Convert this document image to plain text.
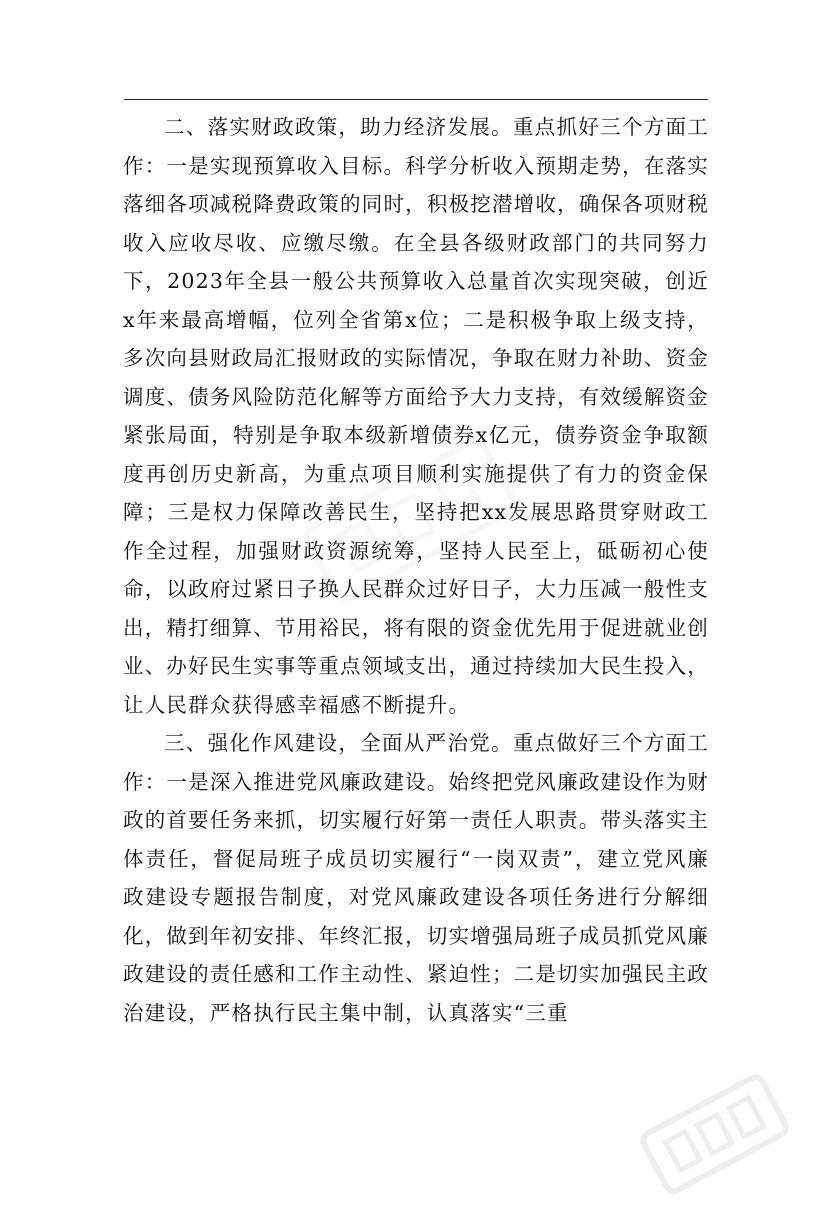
二、落实财政政策，助力经济发展。重点抓好三个方面工作：一是实现预算收入目标。科学分析收入预期走势，在落实落细各项减税降费政策的同时，积极挖潜增收，确保各项财税收入应收尽收、应缴尽缴。在全县各级财政部门的共同努力下，2023年全县一般公共预算收入总量首次实现突破，创近x年来最高增幅，位列全省第x位；二是积极争取上级支持，多次向县财政局汇报财政的实际情况，争取在财力补助、资金调度、债务风险防范化解等方面给予大力支持，有效缓解资金紧张局面，特别是争取本级新增债券x亿元，债券资金争取额度再创历史新高，为重点项目顺利实施提供了有力的资金保障；三是权力保障改善民生，坚持把xx发展思路贯穿财政工作全过程，加强财政资源统筹，坚持人民至上，砥砺初心使命，以政府过紧日子换人民群众过好日子，大力压减一般性支出，精打细算、节用裕民，将有限的资金优先用于促进就业创业、办好民生实事等重点领域支出，通过持续加大民生投入，让人民群众获得感幸福感不断提升。

三、强化作风建设，全面从严治党。重点做好三个方面工作：一是深入推进党风廉政建设。始终把党风廉政建设作为财政的首要任务来抓，切实履行好第一责任人职责。带头落实主体责任，督促局班子成员切实履行“一岗双责”，建立党风廉政建设专题报告制度，对党风廉政建设各项任务进行分解细化，做到年初安排、年终汇报，切实增强局班子成员抓党风廉政建设的责任感和工作主动性、紧迫性；二是切实加强民主政治建设，严格执行民主集中制，认真落实“三重
